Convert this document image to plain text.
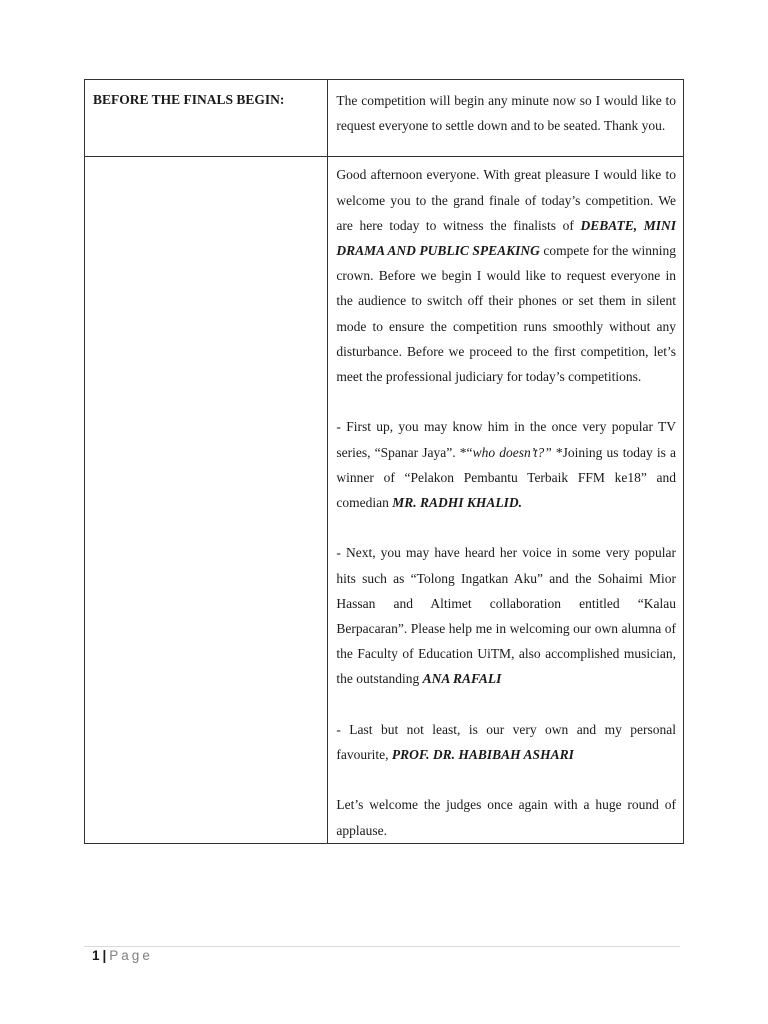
BEFORE THE FINALS BEGIN:	The competition will begin any minute now so I would like to request everyone to settle down and to be seated. Thank you.

	Good afternoon everyone. With great pleasure I would like to welcome you to the grand finale of today’s competition. We are here today to witness the finalists of DEBATE, MINI DRAMA AND PUBLIC SPEAKING compete for the winning crown. Before we begin I would like to request everyone in the audience to switch off their phones or set them in silent mode to ensure the competition runs smoothly without any disturbance. Before we proceed to the first competition, let’s meet the professional judiciary for today’s competitions.

- First up, you may know him in the once very popular TV series, “Spanar Jaya”. *“who doesn’t?” *Joining us today is a winner of “Pelakon Pembantu Terbaik FFM ke18” and comedian MR. RADHI KHALID.

- Next, you may have heard her voice in some very popular hits such as “Tolong Ingatkan Aku” and the Sohaimi Mior Hassan and Altimet collaboration entitled “Kalau Berpacaran”. Please help me in welcoming our own alumna of the Faculty of Education UiTM, also accomplished musician, the outstanding ANA RAFALI

- Last but not least, is our very own and my personal favourite, PROF. DR. HABIBAH ASHARI

Let’s welcome the judges once again with a huge round of applause.

1 | Page
